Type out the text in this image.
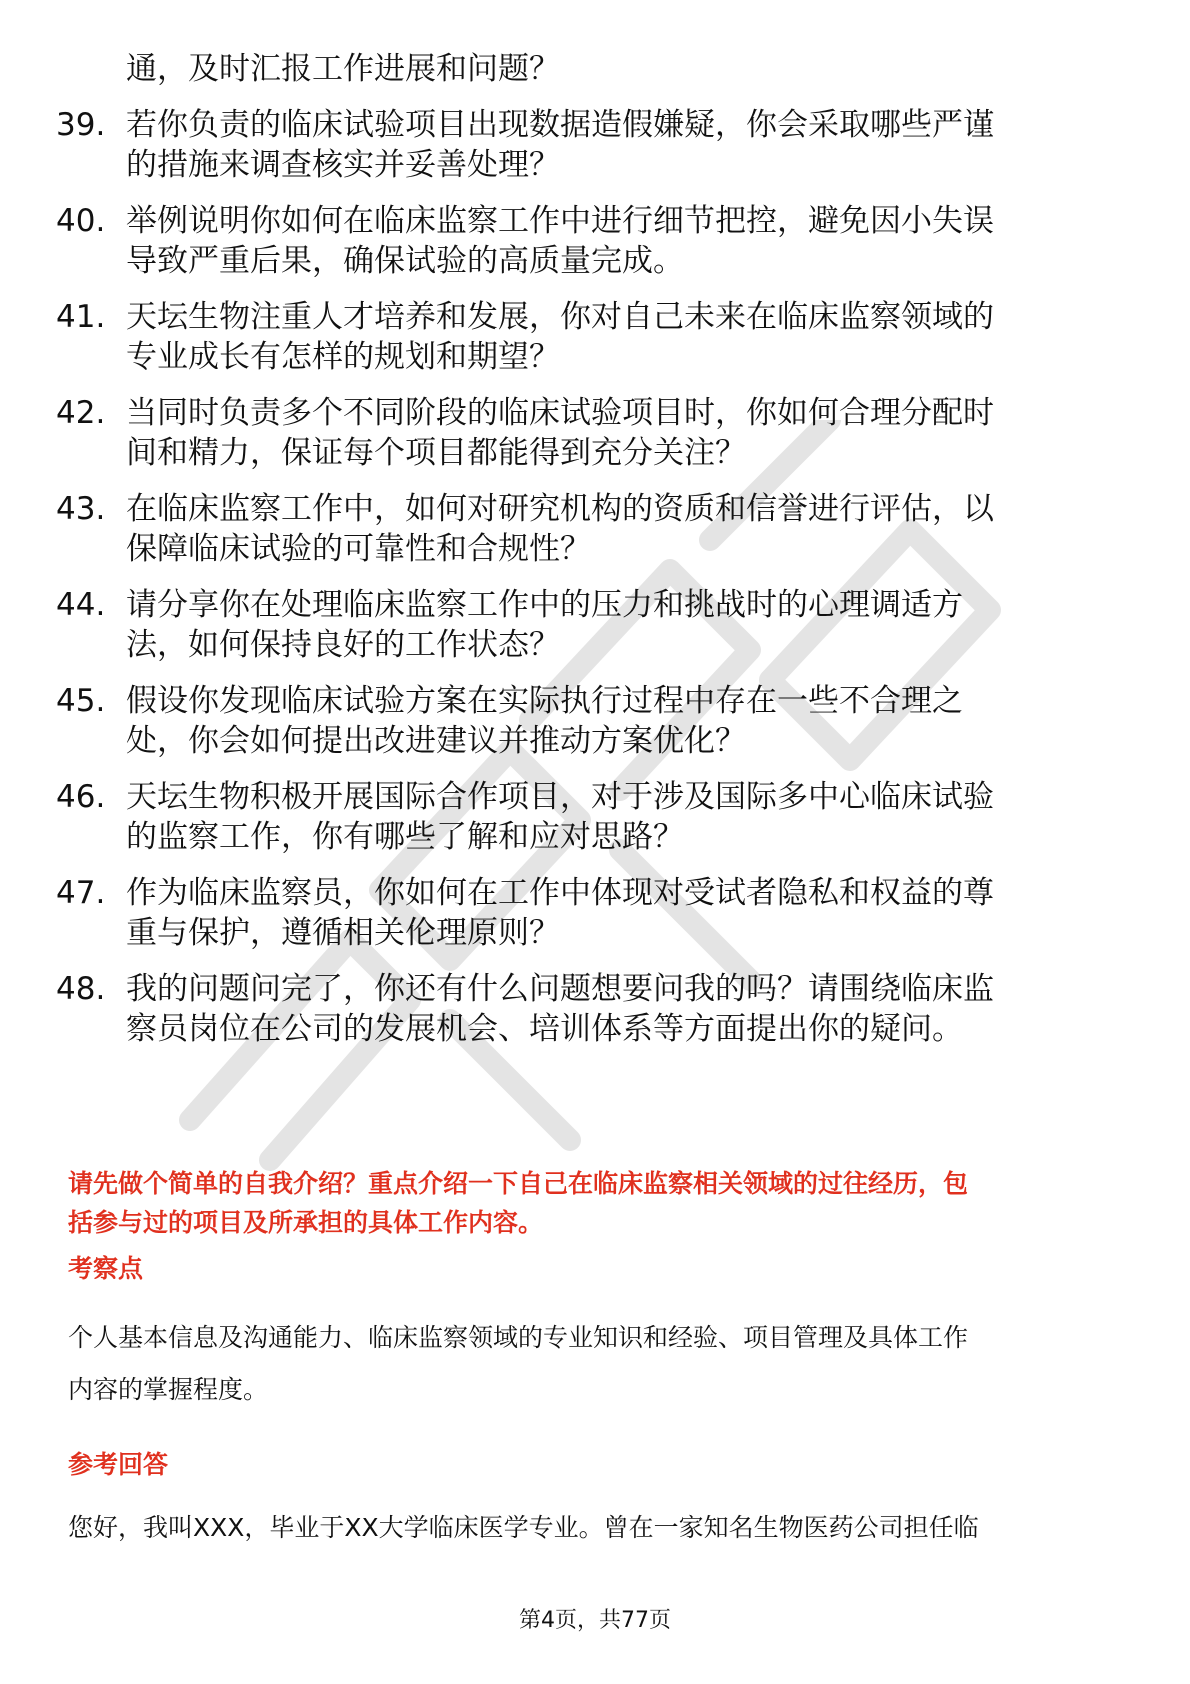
通，及时汇报工作进展和问题？
39. 若你负责的临床试验项目出现数据造假嫌疑，你会采取哪些严谨
的措施来调查核实并妥善处理？
40. 举例说明你如何在临床监察工作中进行细节把控，避免因小失误
导致严重后果，确保试验的高质量完成。
41. 天坛生物注重人才培养和发展，你对自己未来在临床监察领域的
专业成长有怎样的规划和期望？
42. 当同时负责多个不同阶段的临床试验项目时，你如何合理分配时
间和精力，保证每个项目都能得到充分关注？
43. 在临床监察工作中，如何对研究机构的资质和信誉进行评估，以
保障临床试验的可靠性和合规性？
44. 请分享你在处理临床监察工作中的压力和挑战时的心理调适方
法，如何保持良好的工作状态？
45. 假设你发现临床试验方案在实际执行过程中存在一些不合理之
处，你会如何提出改进建议并推动方案优化？
46. 天坛生物积极开展国际合作项目，对于涉及国际多中心临床试验
的监察工作，你有哪些了解和应对思路？
47. 作为临床监察员，你如何在工作中体现对受试者隐私和权益的尊
重与保护，遵循相关伦理原则？
48. 我的问题问完了，你还有什么问题想要问我的吗？请围绕临床监
察员岗位在公司的发展机会、培训体系等方面提出你的疑问。
请先做个简单的自我介绍？重点介绍一下自己在临床监察相关领域的过往经历，包
括参与过的项目及所承担的具体工作内容。
考察点
个人基本信息及沟通能力、临床监察领域的专业知识和经验、项目管理及具体工作
内容的掌握程度。
参考回答
您好，我叫XXX，毕业于XX大学临床医学专业。曾在一家知名生物医药公司担任临
第4页，共77页
